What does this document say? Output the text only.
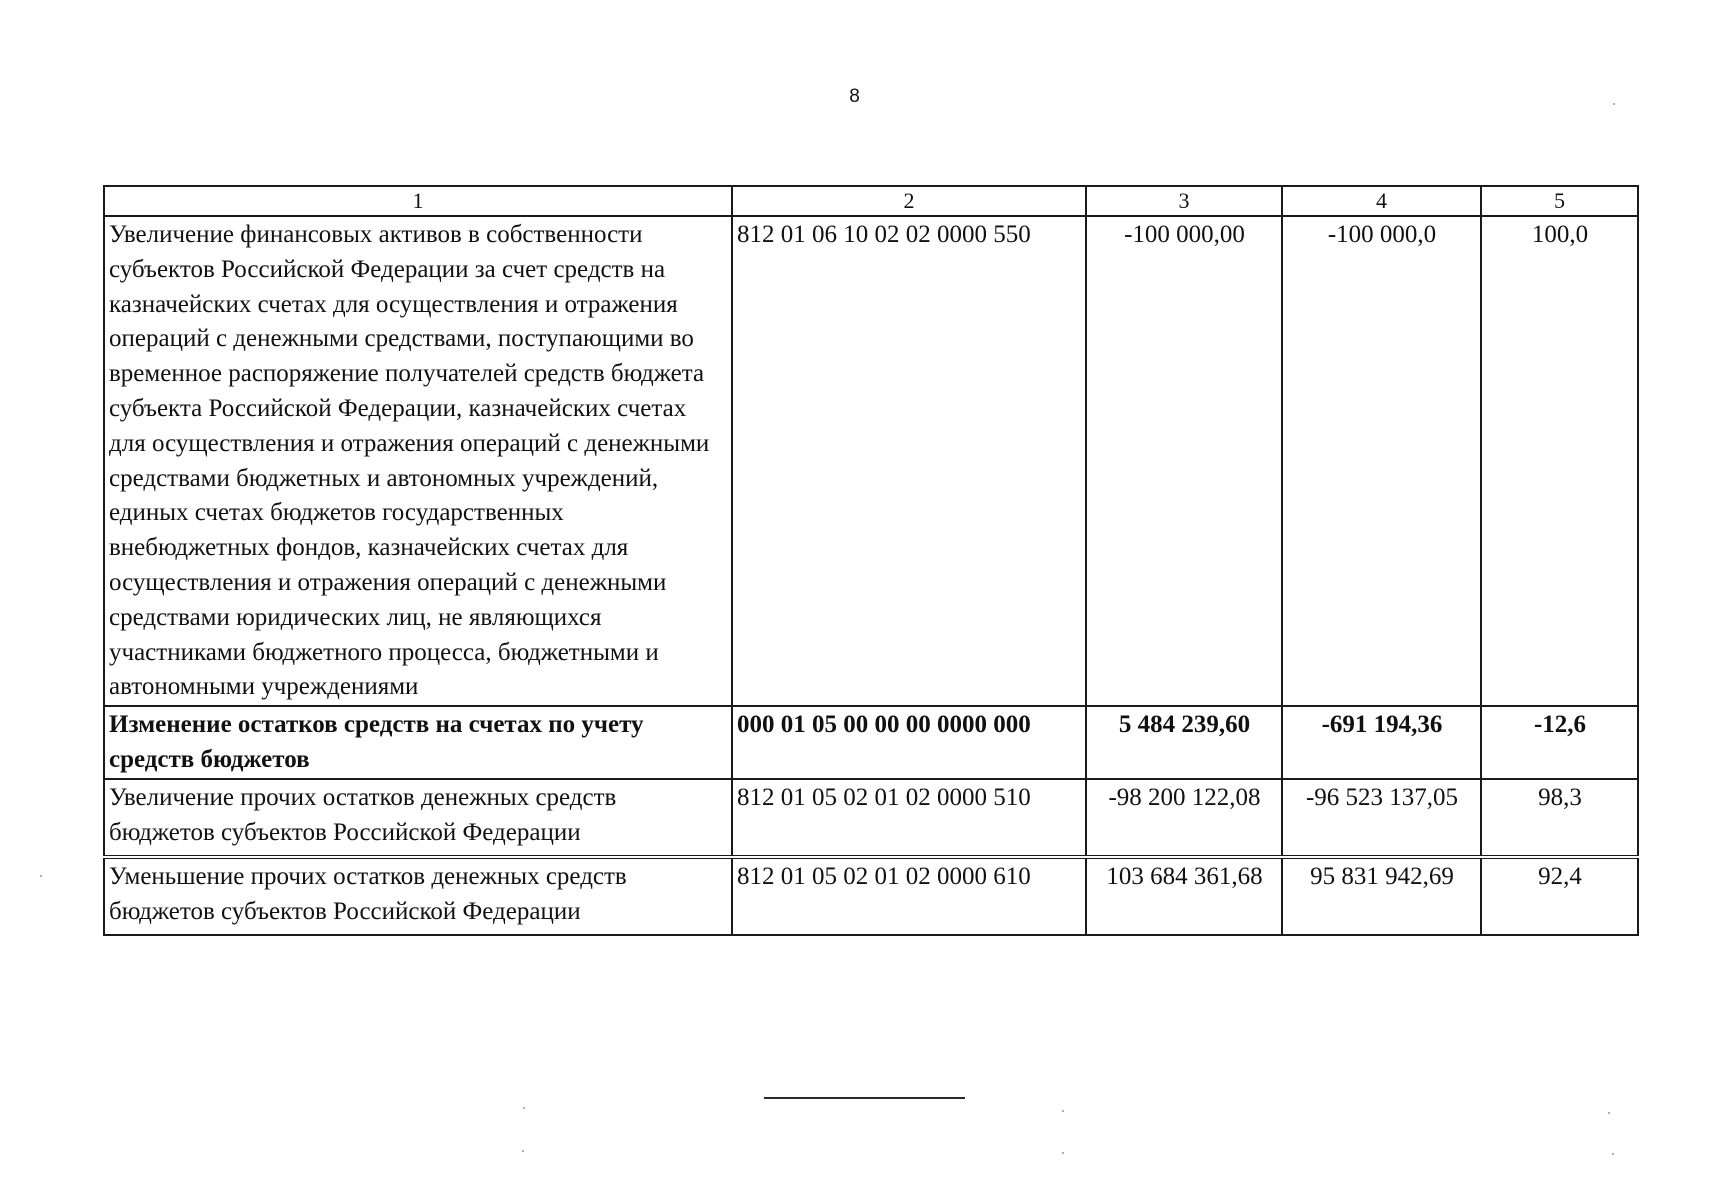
8
1	2	3	4	5
Увеличение финансовых активов в собственности субъектов Российской Федерации за счет средств на казначейских счетах для осуществления и отражения операций с денежными средствами, поступающими во временное распоряжение получателей средств бюджета субъекта Российской Федерации, казначейских счетах для осуществления и отражения операций с денежными средствами бюджетных и автономных учреждений, единых счетах бюджетов государственных внебюджетных фондов, казначейских счетах для осуществления и отражения операций с денежными средствами юридических лиц, не являющихся участниками бюджетного процесса, бюджетными и автономными учреждениями	812 01 06 10 02 02 0000 550	-100 000,00	-100 000,0	100,0
Изменение остатков средств на счетах по учету средств бюджетов	000 01 05 00 00 00 0000 000	5 484 239,60	-691 194,36	-12,6
Увеличение прочих остатков денежных средств бюджетов субъектов Российской Федерации	812 01 05 02 01 02 0000 510	-98 200 122,08	-96 523 137,05	98,3
Уменьшение прочих остатков денежных средств бюджетов субъектов Российской Федерации	812 01 05 02 01 02 0000 610	103 684 361,68	95 831 942,69	92,4
